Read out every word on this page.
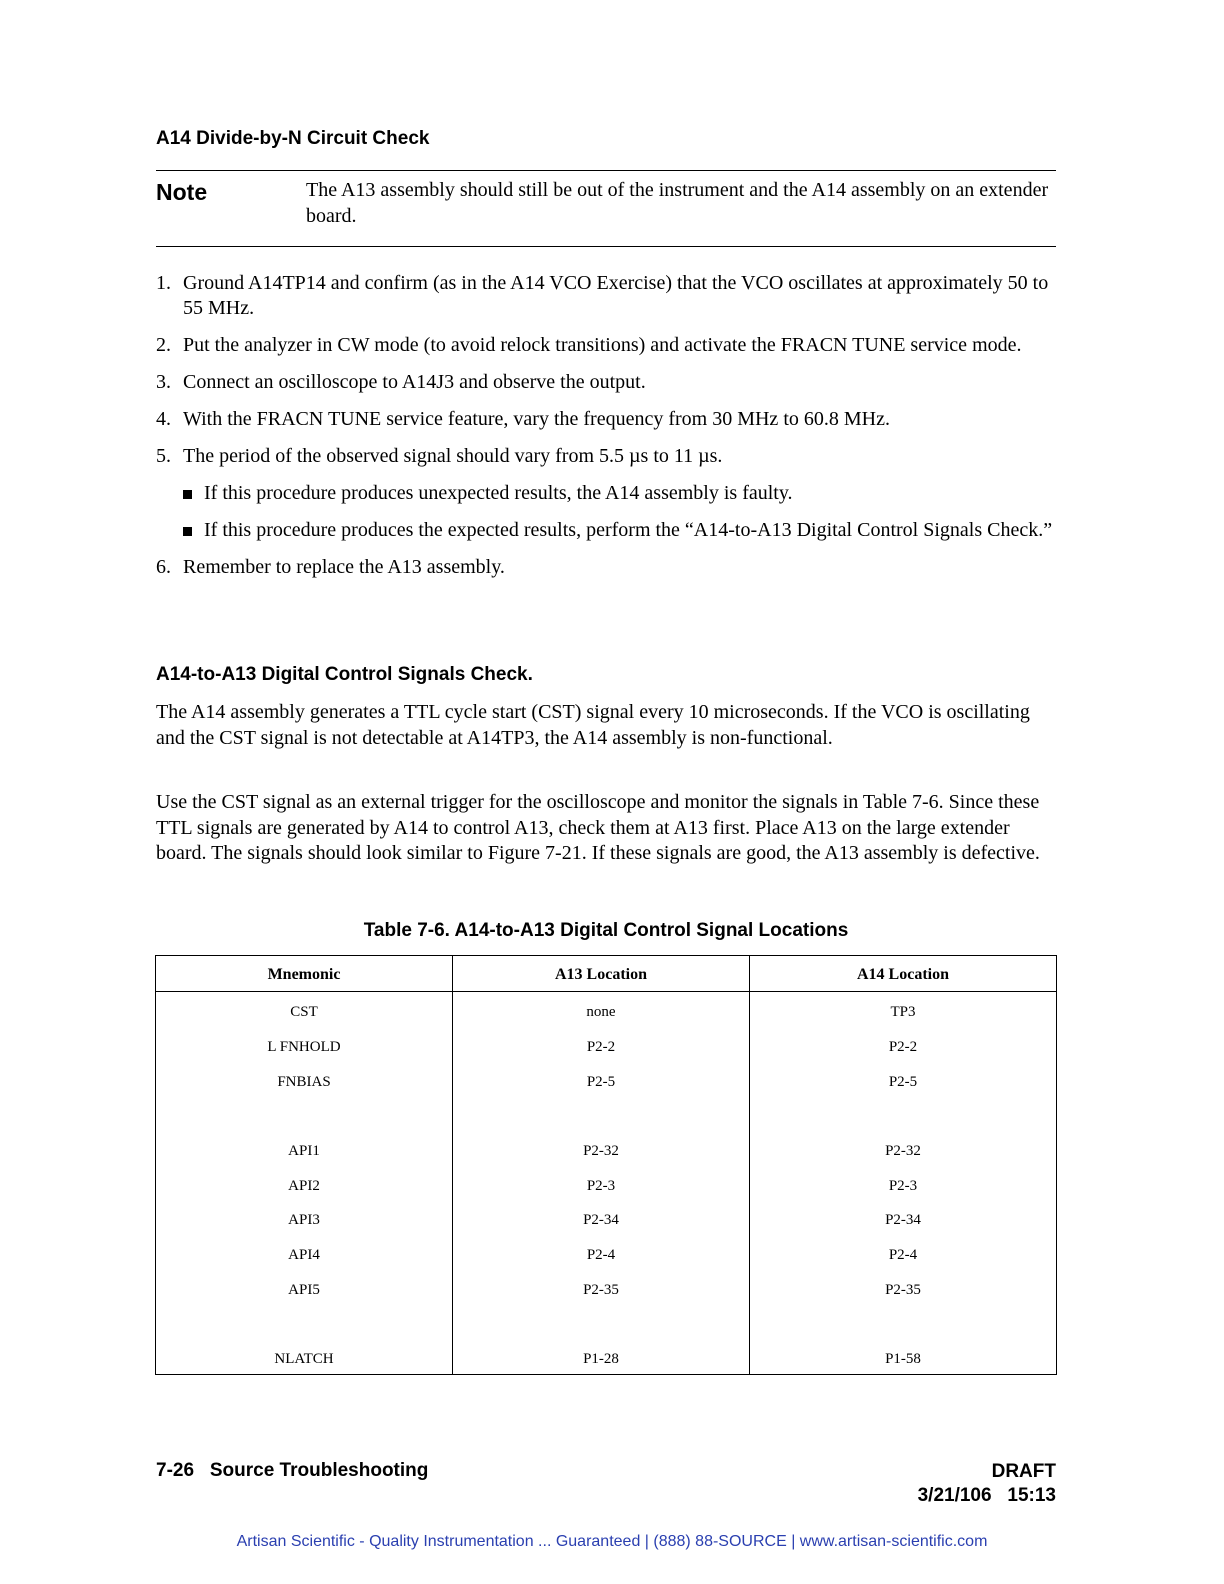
A14 Divide-by-N Circuit Check
Note	The A13 assembly should still be out of the instrument and the A14 assembly on an extender board.
1. Ground A14TP14 and confirm (as in the A14 VCO Exercise) that the VCO oscillates at approximately 50 to 55 MHz.
2. Put the analyzer in CW mode (to avoid relock transitions) and activate the FRACN TUNE service mode.
3. Connect an oscilloscope to A14J3 and observe the output.
4. With the FRACN TUNE service feature, vary the frequency from 30 MHz to 60.8 MHz.
5. The period of the observed signal should vary from 5.5 µs to 11 µs.
If this procedure produces unexpected results, the A14 assembly is faulty.
If this procedure produces the expected results, perform the “A14-to-A13 Digital Control Signals Check.”
6. Remember to replace the A13 assembly.
A14-to-A13 Digital Control Signals Check.

The A14 assembly generates a TTL cycle start (CST) signal every 10 microseconds. If the VCO is oscillating and the CST signal is not detectable at A14TP3, the A14 assembly is non-functional.

Use the CST signal as an external trigger for the oscilloscope and monitor the signals in Table 7-6. Since these TTL signals are generated by A14 to control A13, check them at A13 first. Place A13 on the large extender board. The signals should look similar to Figure 7-21. If these signals are good, the A13 assembly is defective.

Table 7-6. A14-to-A13 Digital Control Signal Locations
Mnemonic	A13 Location	A14 Location
CST	none	TP3
L FNHOLD	P2-2	P2-2
FNBIAS	P2-5	P2-5
API1	P2-32	P2-32
API2	P2-3	P2-3
API3	P2-34	P2-34
API4	P2-4	P2-4
API5	P2-35	P2-35
NLATCH	P1-28	P1-58
7-26   Source Troubleshooting	DRAFT
3/21/106   15:13
Artisan Scientific - Quality Instrumentation ... Guaranteed | (888) 88-SOURCE | www.artisan-scientific.com
